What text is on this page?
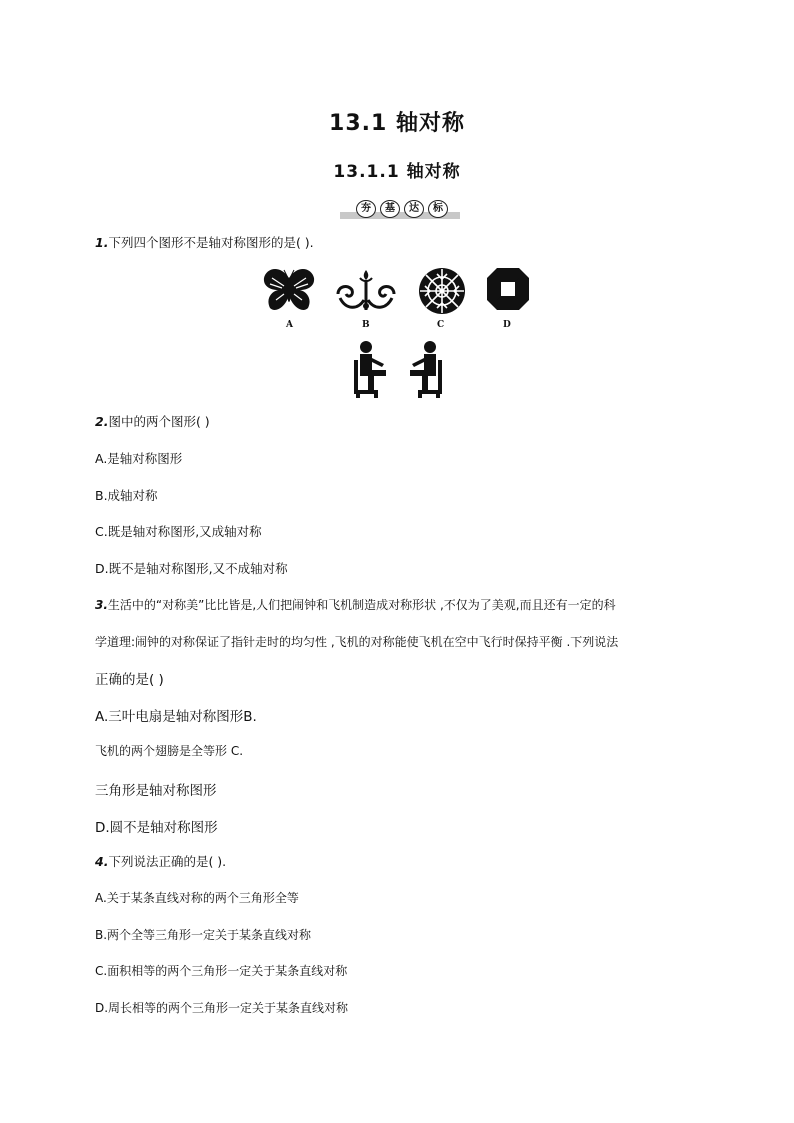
13.1 轴对称
13.1.1 轴对称
夯	基	达	标
1.下列四个图形不是轴对称图形的是( ).
A	B	C	D
2.图中的两个图形( )
A.是轴对称图形
B.成轴对称
C.既是轴对称图形,又成轴对称
D.既不是轴对称图形,又不成轴对称
3.生活中的“对称美”比比皆是,人们把闹钟和飞机制造成对称形状 ,不仅为了美观,而且还有一定的科
学道理:闹钟的对称保证了指针走时的均匀性 ,飞机的对称能使飞机在空中飞行时保持平衡 .下列说法
正确的是( )
A.三叶电扇是轴对称图形B.
飞机的两个翅膀是全等形 C.
三角形是轴对称图形
D.圆不是轴对称图形
4.下列说法正确的是( ).
A.关于某条直线对称的两个三角形全等
B.两个全等三角形一定关于某条直线对称
C.面积相等的两个三角形一定关于某条直线对称
D.周长相等的两个三角形一定关于某条直线对称
